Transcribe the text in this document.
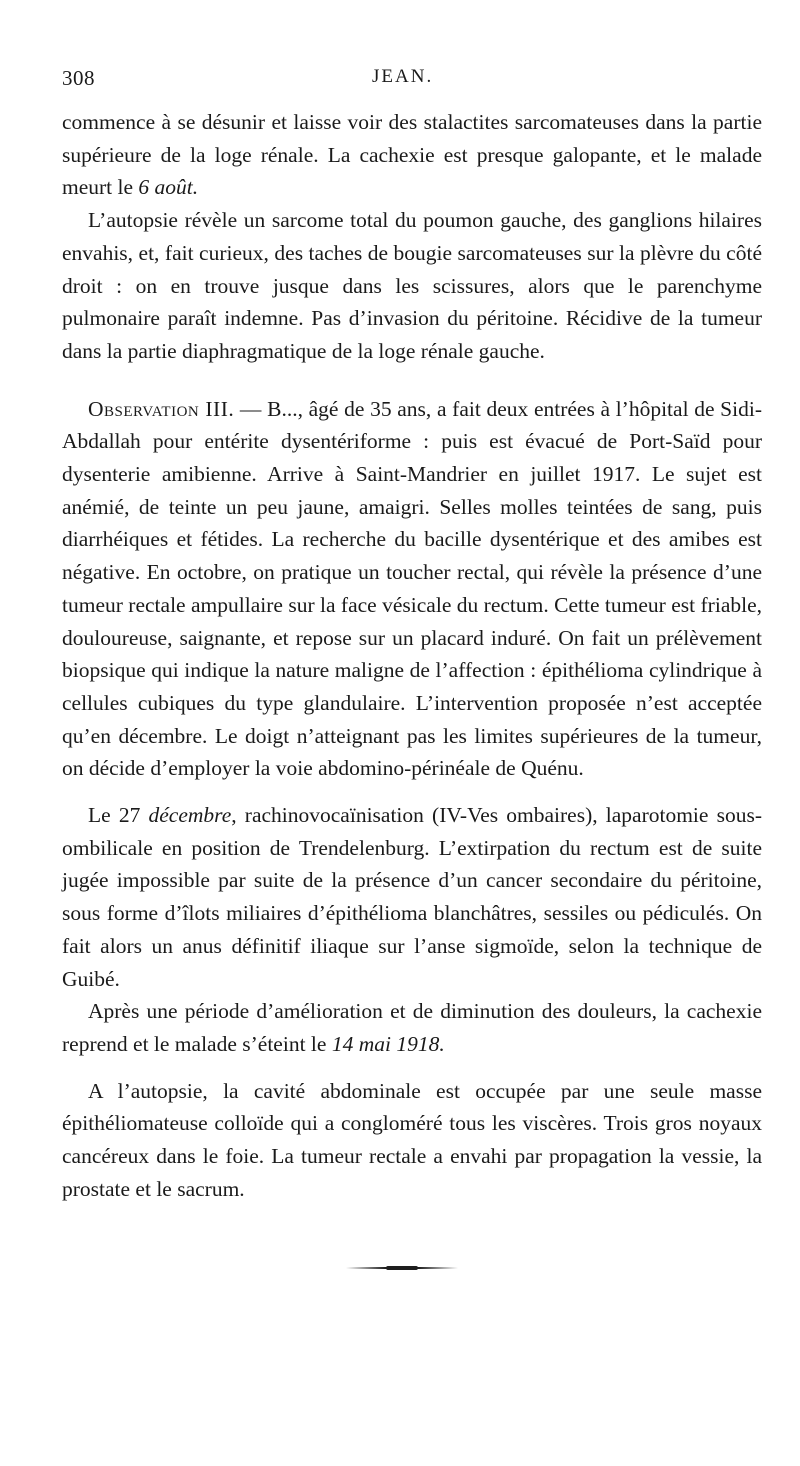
308	JEAN.

commence à se désunir et laisse voir des stalactites sarcomateuses dans la partie supérieure de la loge rénale. La cachexie est presque galopante, et le malade meurt le 6 août.

L’autopsie révèle un sarcome total du poumon gauche, des ganglions hilaires envahis, et, fait curieux, des taches de bougie sarcomateuses sur la plèvre du côté droit : on en trouve jusque dans les scissures, alors que le parenchyme pulmonaire paraît indemne. Pas d’invasion du péritoine. Récidive de la tumeur dans la partie diaphragmatique de la loge rénale gauche.

Observation III. — B..., âgé de 35 ans, a fait deux entrées à l’hôpital de Sidi-Abdallah pour entérite dysentériforme : puis est évacué de Port-Saïd pour dysenterie amibienne. Arrive à Saint-Mandrier en juillet 1917. Le sujet est anémié, de teinte un peu jaune, amaigri. Selles molles teintées de sang, puis diarrhéiques et fétides. La recherche du bacille dysentérique et des amibes est négative. En octobre, on pratique un toucher rectal, qui révèle la présence d’une tumeur rectale ampullaire sur la face vésicale du rectum. Cette tumeur est friable, douloureuse, saignante, et repose sur un placard induré. On fait un prélèvement biopsique qui indique la nature maligne de l’affection : épithélioma cylindrique à cellules cubiques du type glandulaire. L’intervention proposée n’est acceptée qu’en décembre. Le doigt n’atteignant pas les limites supérieures de la tumeur, on décide d’employer la voie abdomino-périnéale de Quénu.

Le 27 décembre, rachinovocaïnisation (IV-Ves ombaires), laparotomie sous-ombilicale en position de Trendelenburg. L’extirpation du rectum est de suite jugée impossible par suite de la présence d’un cancer secondaire du péritoine, sous forme d’îlots miliaires d’épithélioma blanchâtres, sessiles ou pédiculés. On fait alors un anus définitif iliaque sur l’anse sigmoïde, selon la technique de Guibé.

Après une période d’amélioration et de diminution des douleurs, la cachexie reprend et le malade s’éteint le 14 mai 1918.

A l’autopsie, la cavité abdominale est occupée par une seule masse épithéliomateuse colloïde qui a congloméré tous les viscères. Trois gros noyaux cancéreux dans le foie. La tumeur rectale a envahi par propagation la vessie, la prostate et le sacrum.
